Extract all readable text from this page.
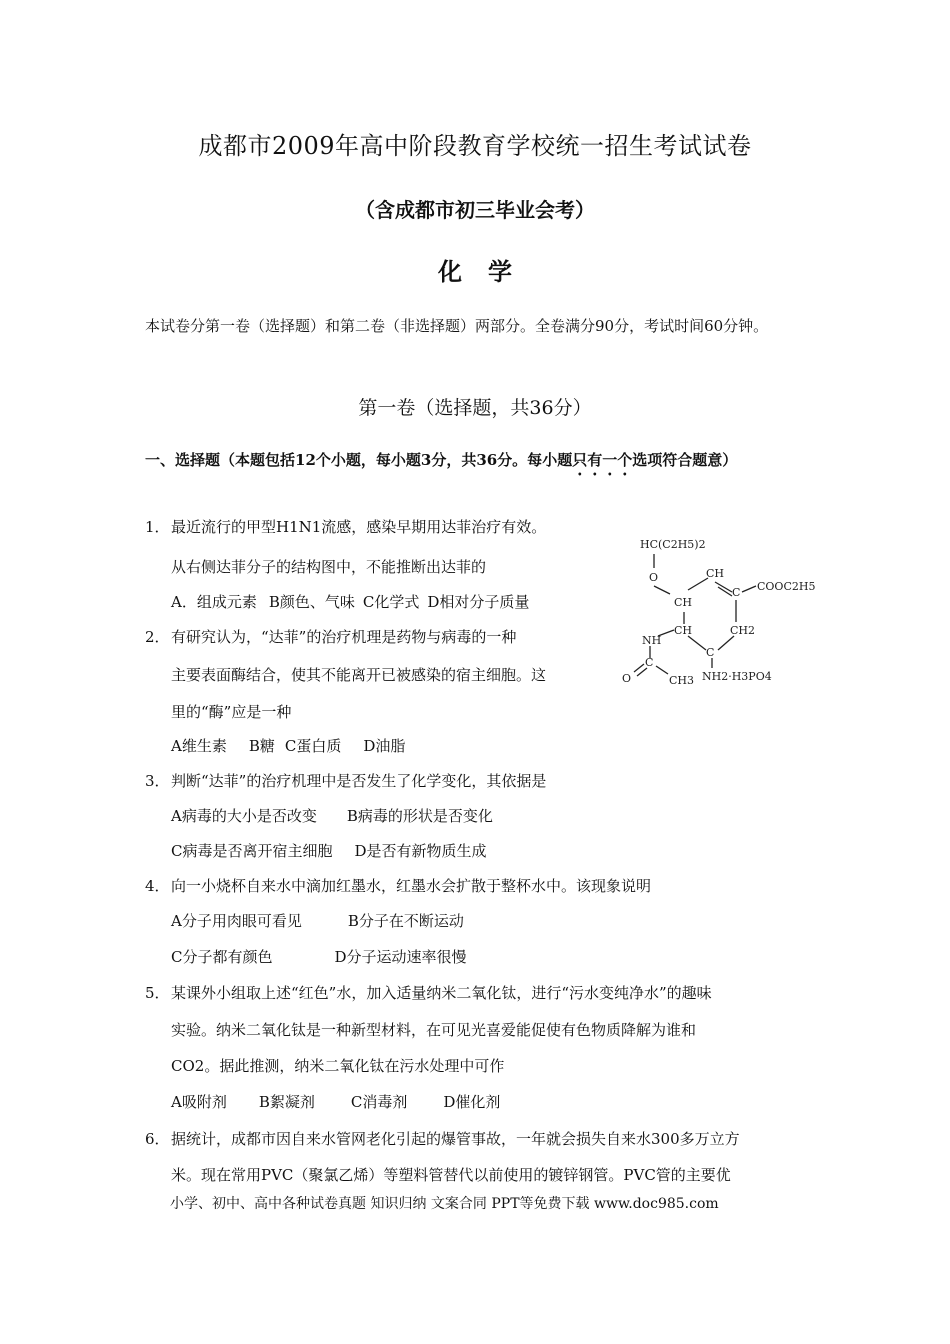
成都市2009年高中阶段教育学校统一招生考试试卷
（含成都市初三毕业会考）
化学
本试卷分第一卷（选择题）和第二卷（非选择题）两部分。全卷满分90分，考试时间60分钟。
第一卷（选择题，共36分）
一、选择题（本题包括12个小题，每小题3分，共36分。每小题只有一个选项符合题意）
1．最近流行的甲型H1N1流感，感染早期用达菲治疗有效。
从右侧达菲分子的结构图中，不能推断出达菲的
A．组成元素 B颜色、气味 C化学式 D相对分子质量
2．有研究认为，“达菲”的治疗机理是药物与病毒的一种
主要表面酶结合，使其不能离开已被感染的宿主细胞。这
里的“酶”应是一种
A维生素 B糖 C蛋白质 D油脂
3．判断“达菲”的治疗机理中是否发生了化学变化，其依据是
A病毒的大小是否改变 B病毒的形状是否变化
C病毒是否离开宿主细胞 D是否有新物质生成
4．向一小烧杯自来水中滴加红墨水，红墨水会扩散于整杯水中。该现象说明
A分子用肉眼可看见	B分子在不断运动
C分子都有颜色	D分子运动速率很慢
5．某课外小组取上述“红色”水，加入适量纳米二氧化钛，进行“污水变纯净水”的趣味
实验。纳米二氧化钛是一种新型材料，在可见光喜爱能促使有色物质降解为谁和
CO2。据此推测，纳米二氧化钛在污水处理中可作
A吸附剂 B絮凝剂 C消毒剂 D催化剂
6．据统计，成都市因自来水管网老化引起的爆管事故，一年就会损失自来水300多万立方
米。现在常用PVC（聚氯乙烯）等塑料管替代以前使用的镀锌钢管。PVC管的主要优
HC(C2H5)2
O	CH
CH
C COOC2H5
CH2
CH
NH
C
C
O	CH3 NH2·H3PO4
小学、初中、高中各种试卷真题 知识归纳 文案合同 PPT等免费下载 www.doc985.com
